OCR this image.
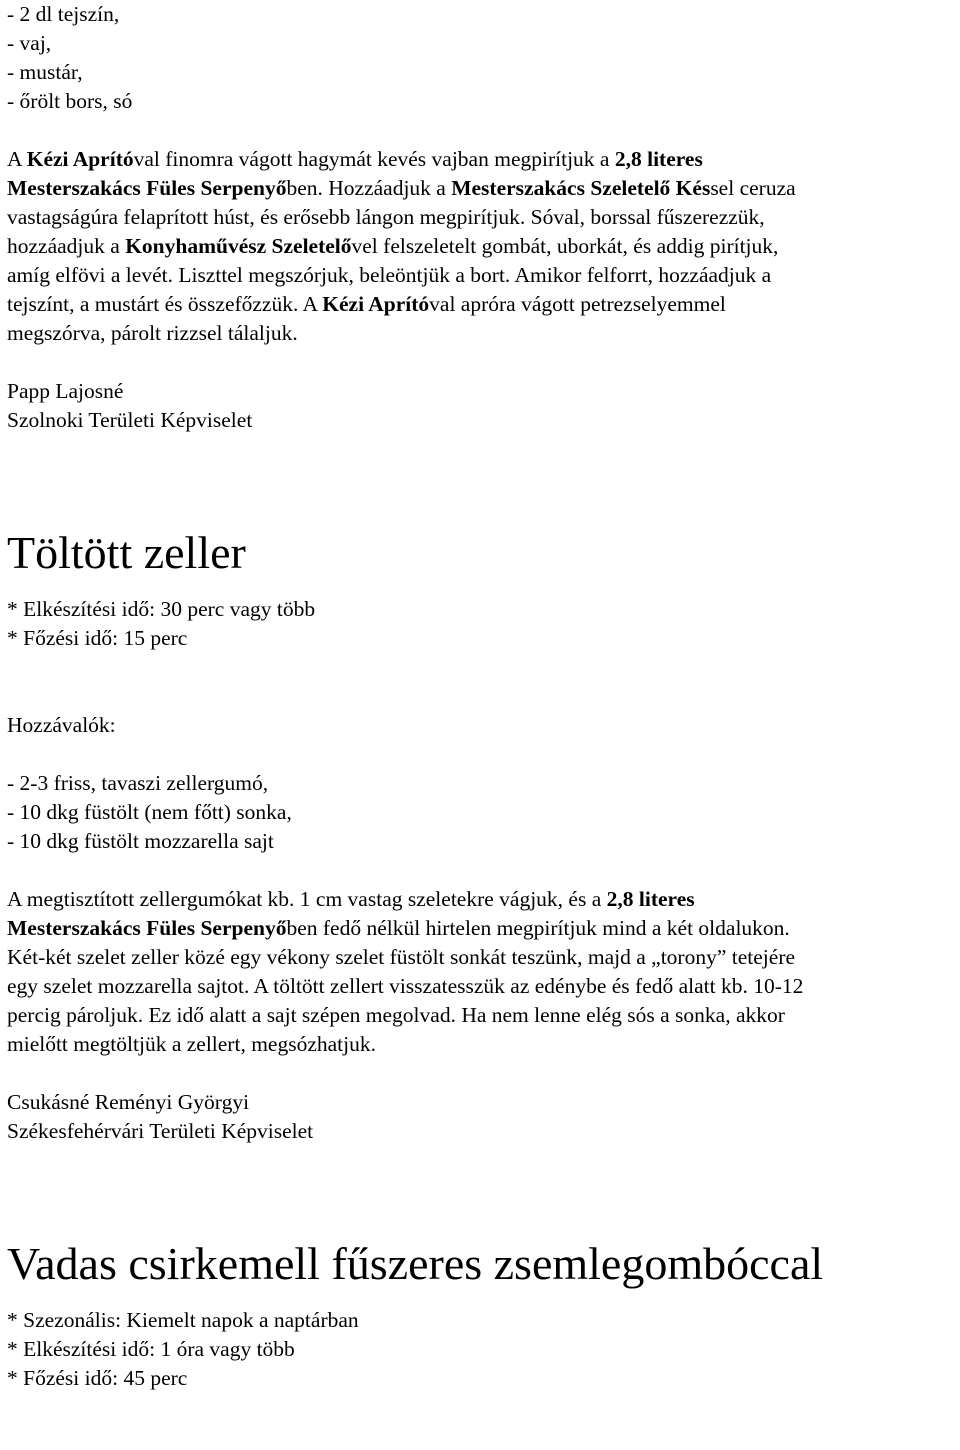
- 2 dl tejszín,
- vaj,
- mustár,
- őrölt bors, só
A Kézi Aprítóval finomra vágott hagymát kevés vajban megpirítjuk a 2,8 literes
Mesterszakács Füles Serpenyőben. Hozzáadjuk a Mesterszakács Szeletelő Késsel ceruza
vastagságúra felaprított húst, és erősebb lángon megpirítjuk. Sóval, borssal fűszerezzük,
hozzáadjuk a Konyhaművész Szeletelővel felszeletelt gombát, uborkát, és addig pirítjuk,
amíg elfövi a levét. Liszttel megszórjuk, beleöntjük a bort. Amikor felforrt, hozzáadjuk a
tejszínt, a mustárt és összefőzzük. A Kézi Aprítóval apróra vágott petrezselyemmel
megszórva, párolt rizzsel tálaljuk.
Papp Lajosné
Szolnoki Területi Képviselet
Töltött zeller
* Elkészítési idő: 30 perc vagy több
* Főzési idő: 15 perc
Hozzávalók:
- 2-3 friss, tavaszi zellergumó,
- 10 dkg füstölt (nem főtt) sonka,
- 10 dkg füstölt mozzarella sajt
A megtisztított zellergumókat kb. 1 cm vastag szeletekre vágjuk, és a 2,8 literes
Mesterszakács Füles Serpenyőben fedő nélkül hirtelen megpirítjuk mind a két oldalukon.
Két-két szelet zeller közé egy vékony szelet füstölt sonkát teszünk, majd a „torony” tetejére
egy szelet mozzarella sajtot. A töltött zellert visszatesszük az edénybe és fedő alatt kb. 10-12
percig pároljuk. Ez idő alatt a sajt szépen megolvad. Ha nem lenne elég sós a sonka, akkor
mielőtt megtöltjük a zellert, megsózhatjuk.
Csukásné Reményi Györgyi
Székesfehérvári Területi Képviselet
Vadas csirkemell fűszeres zsemlegombóccal
* Szezonális: Kiemelt napok a naptárban
* Elkészítési idő: 1 óra vagy több
* Főzési idő: 45 perc
